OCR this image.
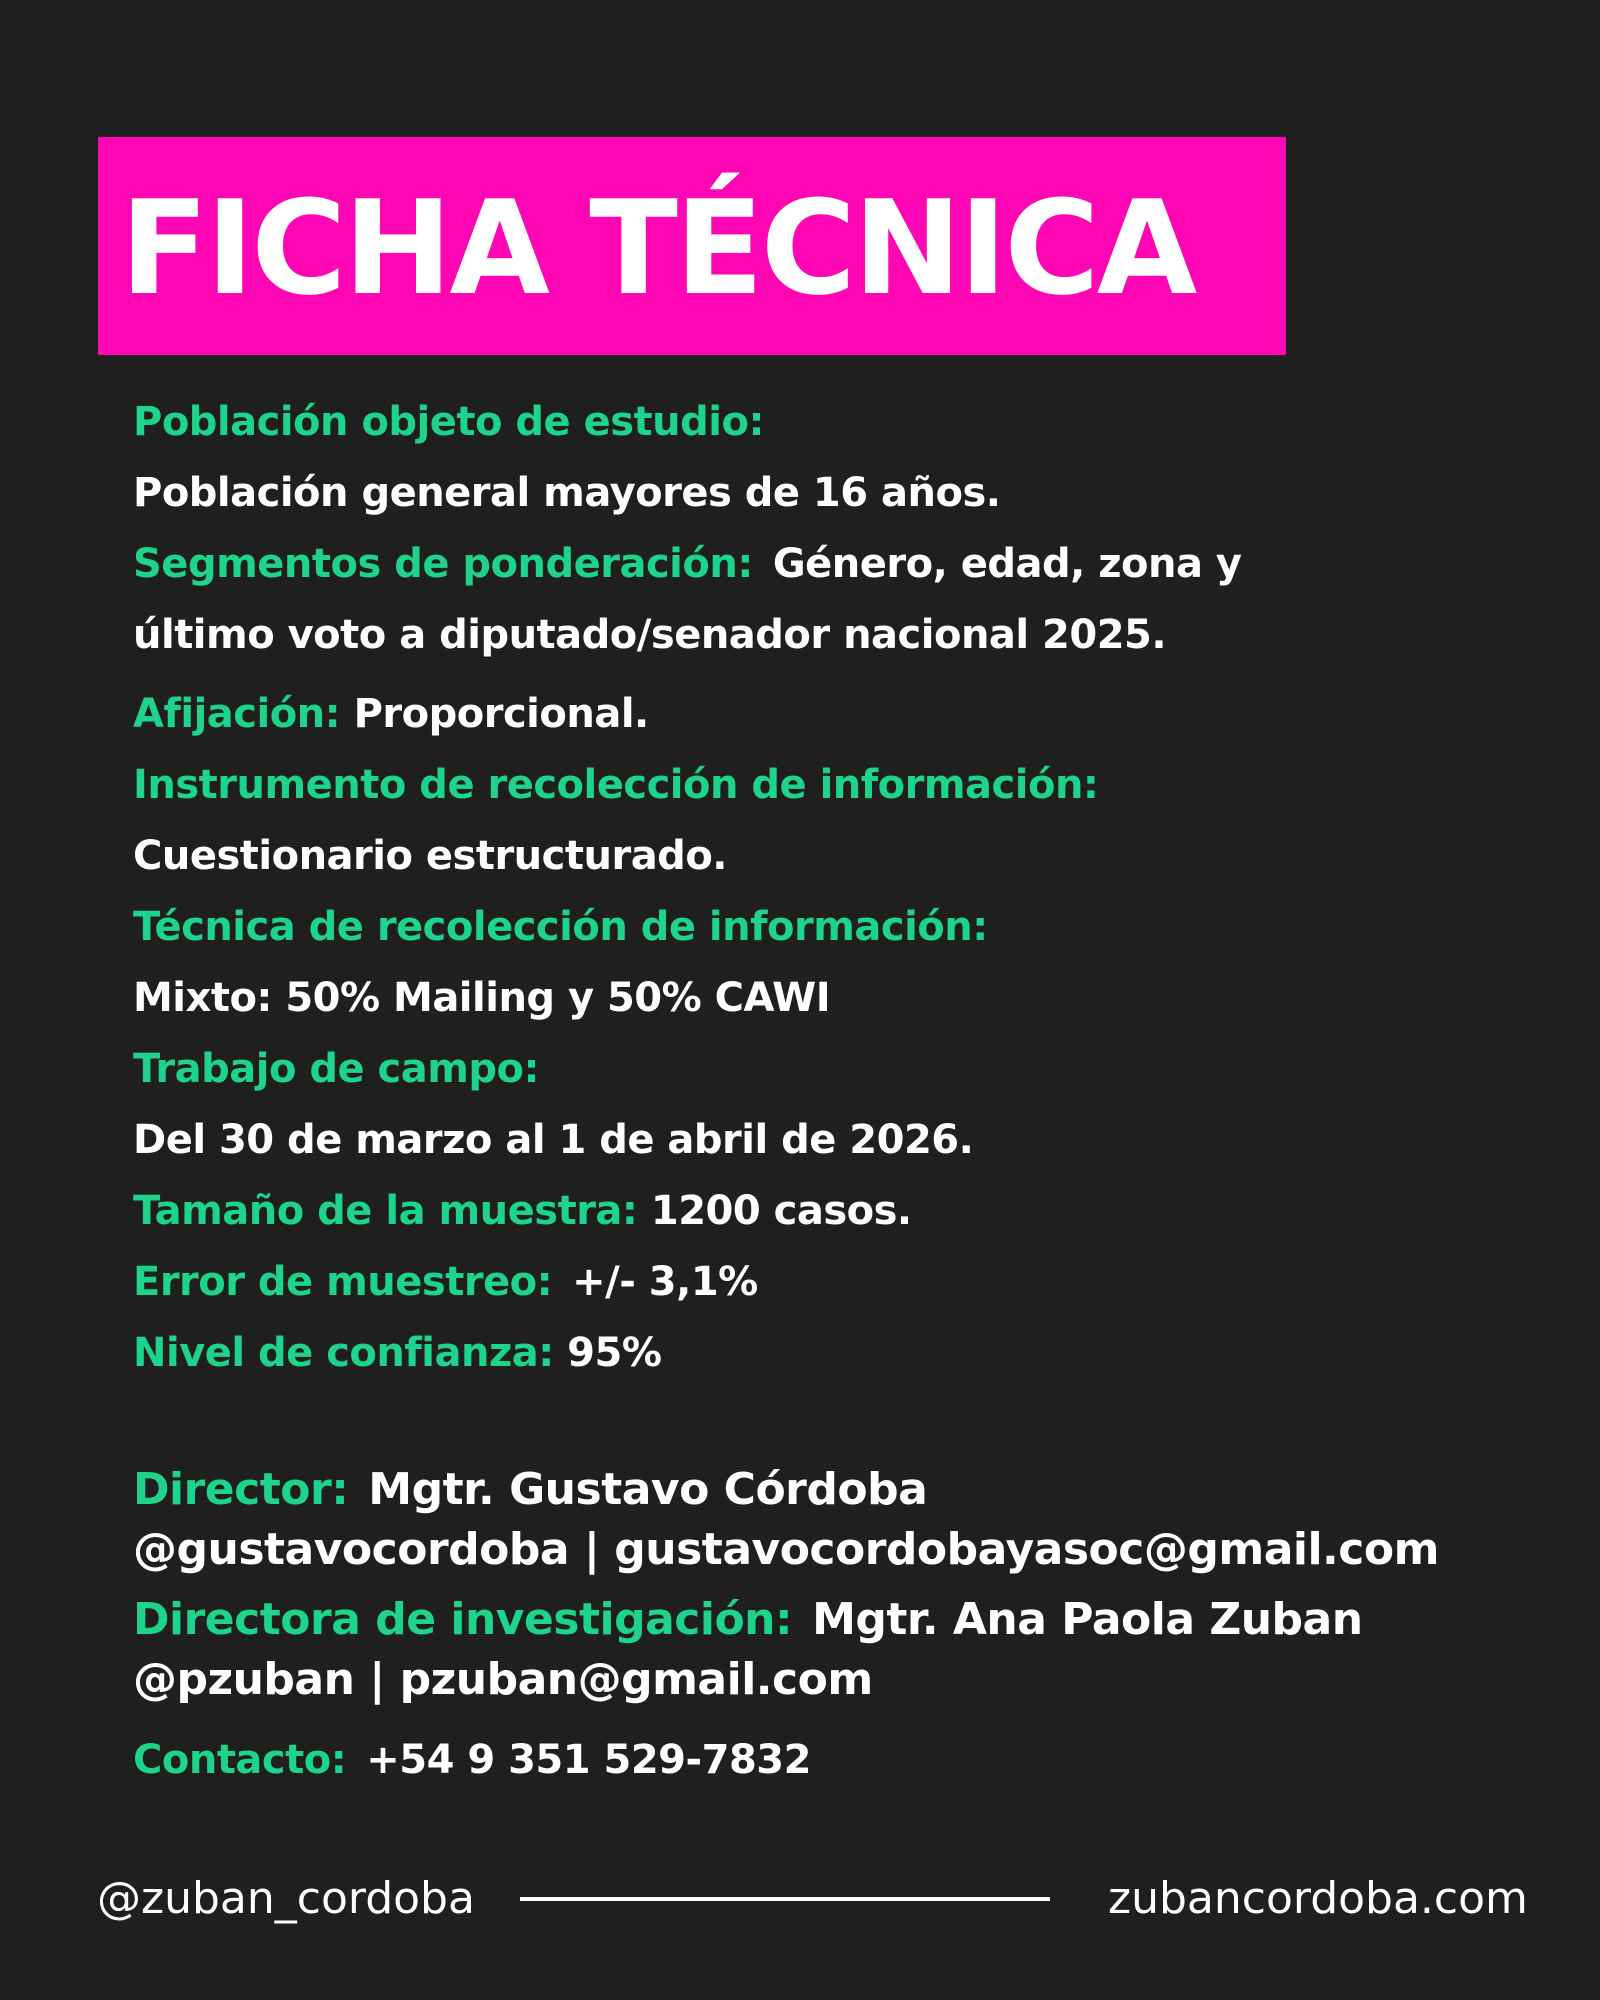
FICHA TÉCNICA
Población objeto de estudio:
Población general mayores de 16 años.
Segmentos de ponderación: Género, edad, zona y
último voto a diputado/senador nacional 2025.
Afijación: Proporcional.
Instrumento de recolección de información:
Cuestionario estructurado.
Técnica de recolección de información:
Mixto: 50% Mailing y 50% CAWI
Trabajo de campo:
Del 30 de marzo al 1 de abril de 2026.
Tamaño de la muestra: 1200 casos.
Error de muestreo: +/- 3,1%
Nivel de confianza: 95%
Director: Mgtr. Gustavo Córdoba
@gustavocordoba | gustavocordobayasoc@gmail.com
Directora de investigación: Mgtr. Ana Paola Zuban
@pzuban | pzuban@gmail.com
Contacto: +54 9 351 529-7832
@zuban_cordoba	zubancordoba.com
